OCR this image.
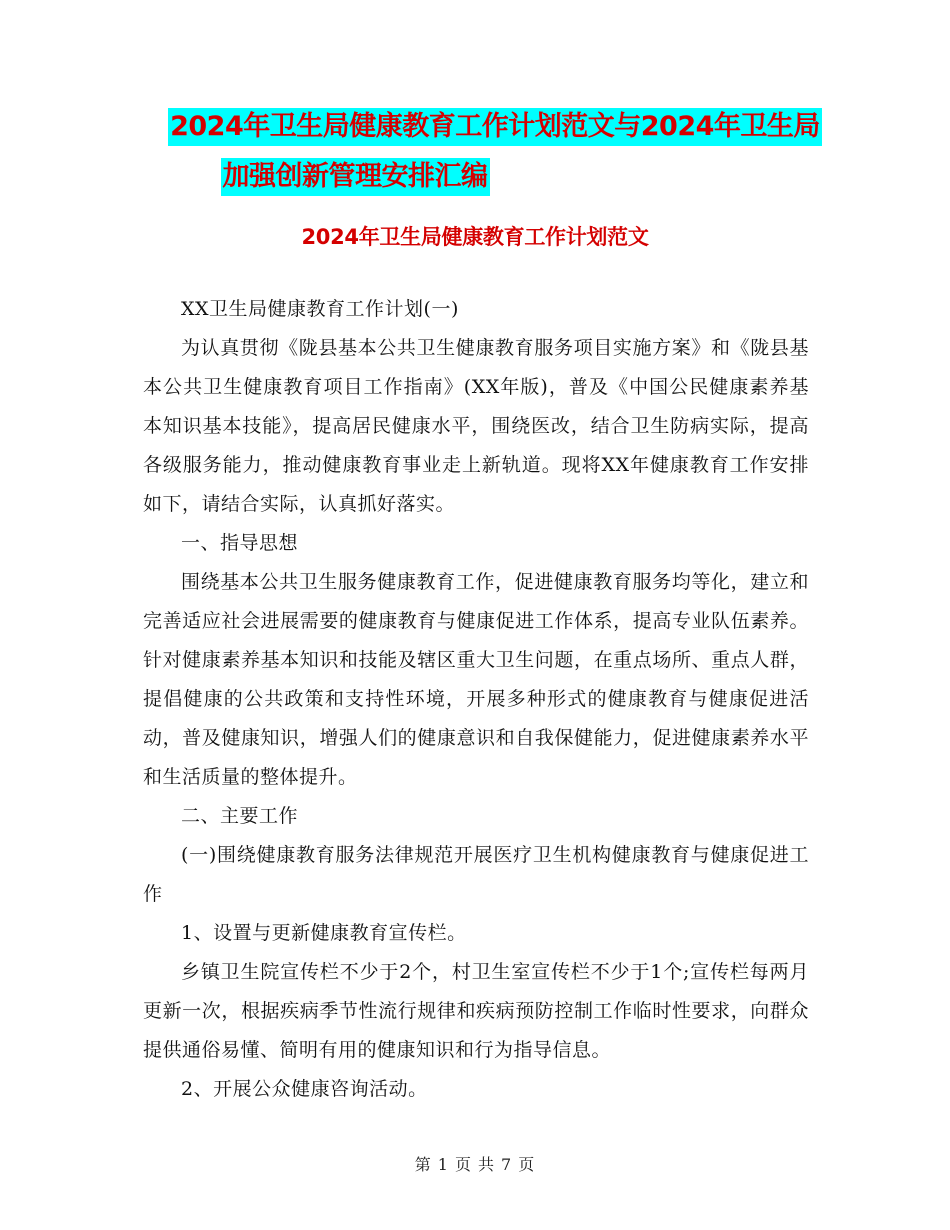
2024年卫生局健康教育工作计划范文与2024年卫生局
加强创新管理安排汇编
2024年卫生局健康教育工作计划范文

XX卫生局健康教育工作计划(一)

为认真贯彻《陇县基本公共卫生健康教育服务项目实施方案》和《陇县基本公共卫生健康教育项目工作指南》(XX年版)，普及《中国公民健康素养基本知识基本技能》，提高居民健康水平，围绕医改，结合卫生防病实际，提高各级服务能力，推动健康教育事业走上新轨道。现将XX年健康教育工作安排如下，请结合实际，认真抓好落实。

一、指导思想

围绕基本公共卫生服务健康教育工作，促进健康教育服务均等化，建立和完善适应社会进展需要的健康教育与健康促进工作体系，提高专业队伍素养。针对健康素养基本知识和技能及辖区重大卫生问题，在重点场所、重点人群，提倡健康的公共政策和支持性环境，开展多种形式的健康教育与健康促进活动，普及健康知识，增强人们的健康意识和自我保健能力，促进健康素养水平和生活质量的整体提升。

二、主要工作

(一)围绕健康教育服务法律规范开展医疗卫生机构健康教育与健康促进工作

1、设置与更新健康教育宣传栏。

乡镇卫生院宣传栏不少于2个，村卫生室宣传栏不少于1个;宣传栏每两月更新一次，根据疾病季节性流行规律和疾病预防控制工作临时性要求，向群众提供通俗易懂、简明有用的健康知识和行为指导信息。

2、开展公众健康咨询活动。

第 1 页 共 7 页
